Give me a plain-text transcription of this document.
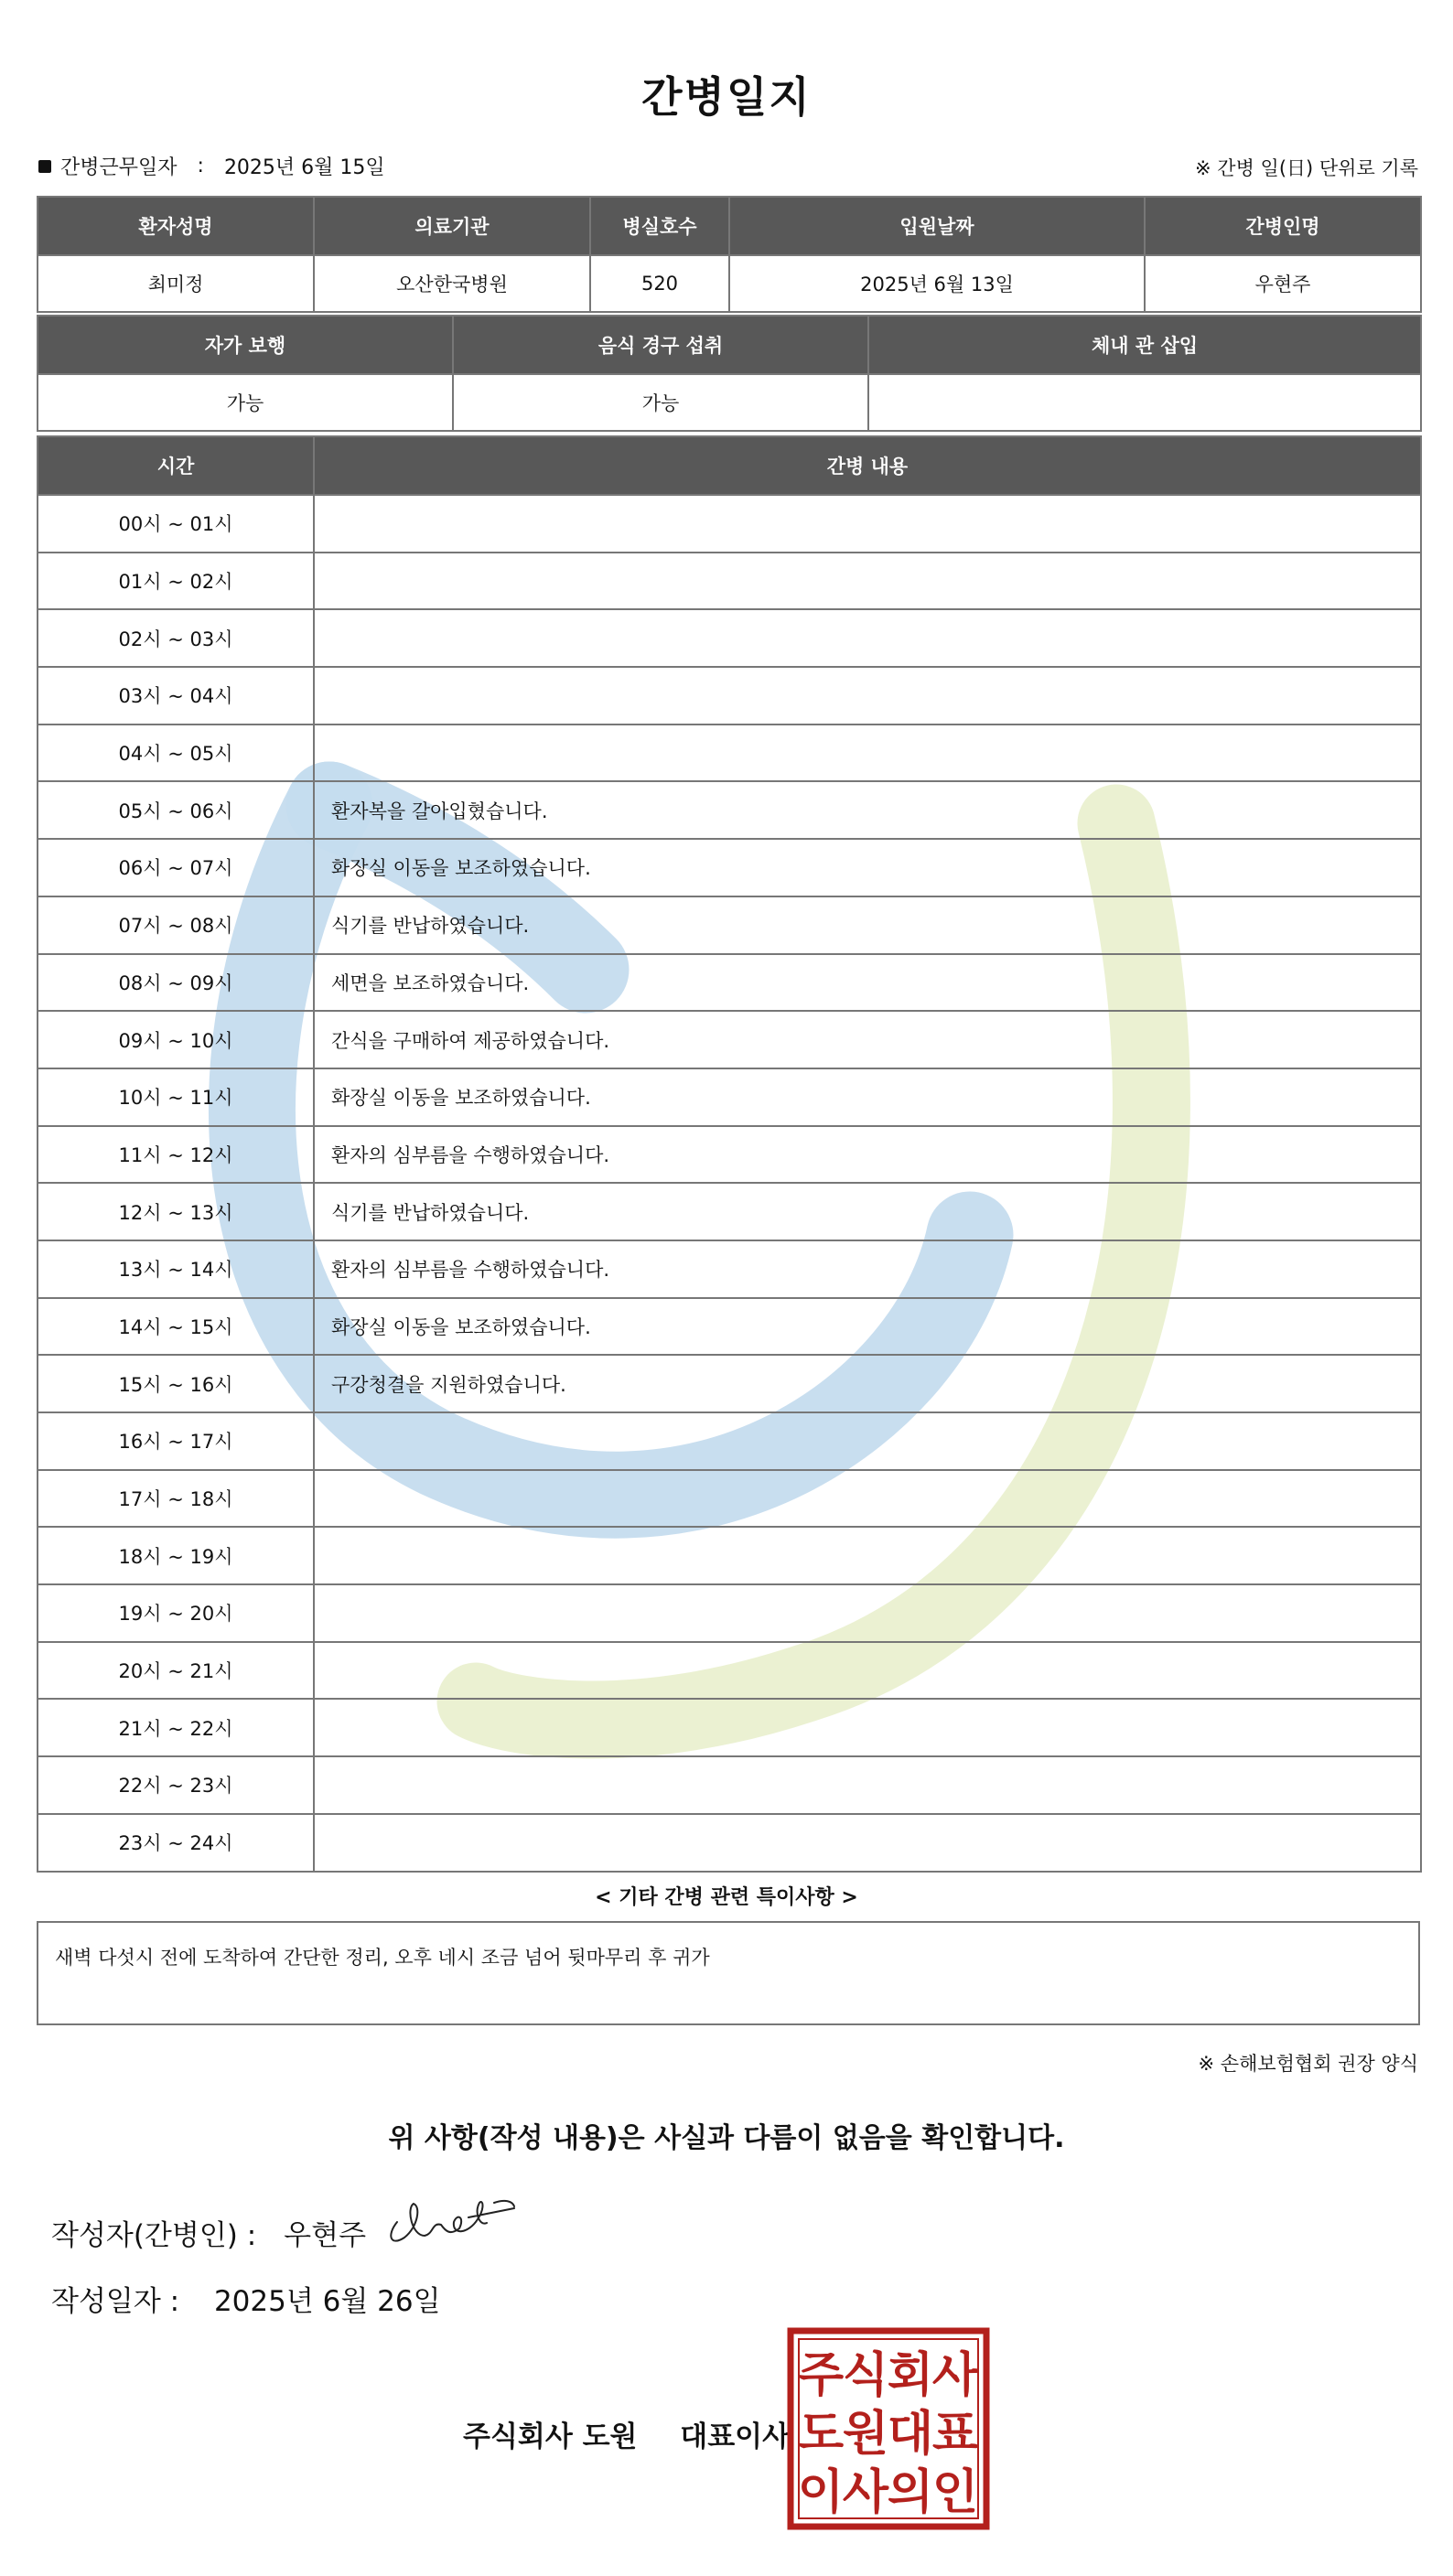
간병일지
간병근무일자 : 2025년 6월 15일	※ 간병 일(日) 단위로 기록
환자성명	의료기관	병실호수	입원날짜	간병인명
최미정	오산한국병원	520	2025년 6월 13일	우현주
자가 보행	음식 경구 섭취	체내 관 삽입
가능	가능	
시간	간병 내용
00시 ~ 01시	
01시 ~ 02시	
02시 ~ 03시	
03시 ~ 04시	
04시 ~ 05시	
05시 ~ 06시	환자복을 갈아입혔습니다.
06시 ~ 07시	화장실 이동을 보조하였습니다.
07시 ~ 08시	식기를 반납하였습니다.
08시 ~ 09시	세면을 보조하였습니다.
09시 ~ 10시	간식을 구매하여 제공하였습니다.
10시 ~ 11시	화장실 이동을 보조하였습니다.
11시 ~ 12시	환자의 심부름을 수행하였습니다.
12시 ~ 13시	식기를 반납하였습니다.
13시 ~ 14시	환자의 심부름을 수행하였습니다.
14시 ~ 15시	화장실 이동을 보조하였습니다.
15시 ~ 16시	구강청결을 지원하였습니다.
16시 ~ 17시	
17시 ~ 18시	
18시 ~ 19시	
19시 ~ 20시	
20시 ~ 21시	
21시 ~ 22시	
22시 ~ 23시	
23시 ~ 24시	
< 기타 간병 관련 특이사항 >
새벽 다섯시 전에 도착하여 간단한 정리, 오후 네시 조금 넘어 뒷마무리 후 귀가
※ 손해보험협회 권장 양식
위 사항(작성 내용)은 사실과 다름이 없음을 확인합니다.
작성자(간병인) : 우현주
작성일자 : 2025년 6월 26일
주식회사 도원 대표이사
주
식
회
사
도
원
대
표
이
사
의
인
